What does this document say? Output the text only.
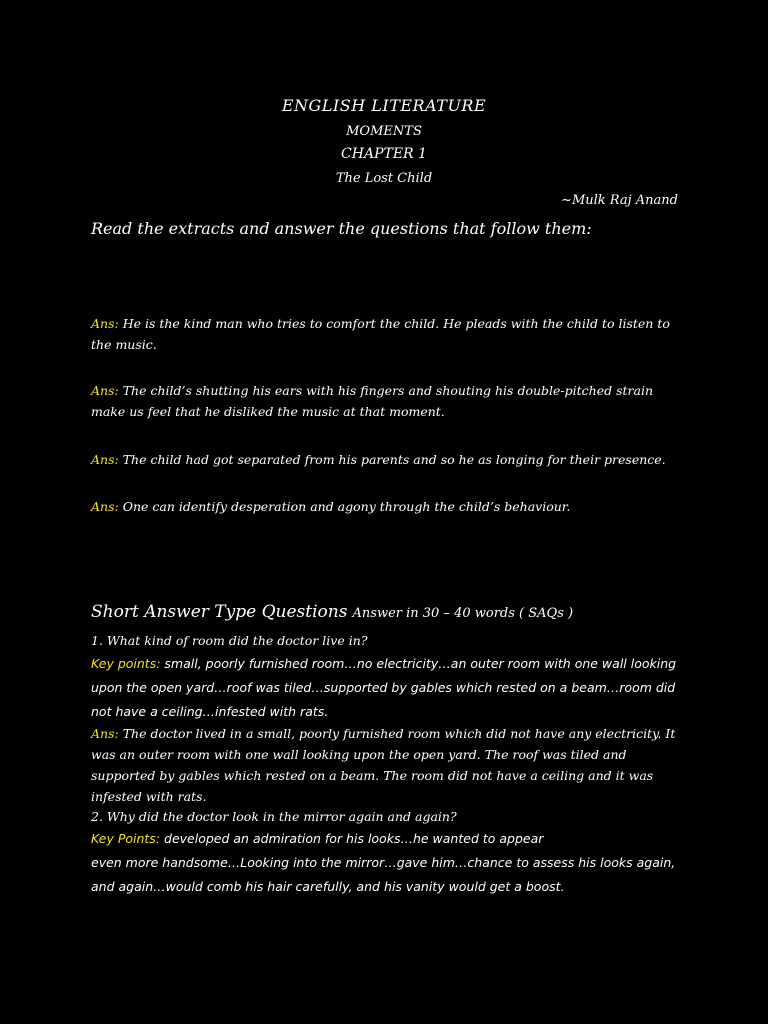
ENGLISH LITERATURE
MOMENTS
CHAPTER 1
The Lost Child
~Mulk Raj Anand
Read the extracts and answer the questions that follow them:
Ans: He is the kind man who tries to comfort the child. He pleads with the child to listen to the music.
Ans: The child’s shutting his ears with his fingers and shouting his double-pitched strain make us feel that he disliked the music at that moment.
Ans: The child had got separated from his parents and so he as longing for their presence.
Ans: One can identify desperation and agony through the child’s behaviour.
Short Answer Type Questions Answer in 30 – 40 words ( SAQs )
1. What kind of room did the doctor live in?
Key points: small, poorly furnished room…no electricity…an outer room with one wall looking upon the open yard…roof was tiled…supported by gables which rested on a beam…room did not have a ceiling…infested with rats.
Ans: The doctor lived in a small, poorly furnished room which did not have any electricity. It was an outer room with one wall looking upon the open yard. The roof was tiled and supported by gables which rested on a beam. The room did not have a ceiling and it was infested with rats.
2. Why did the doctor look in the mirror again and again?
Key Points: developed an admiration for his looks…he wanted to appear
even more handsome…Looking into the mirror…gave him…chance to assess his looks again, and again…would comb his hair carefully, and his vanity would get a boost.
